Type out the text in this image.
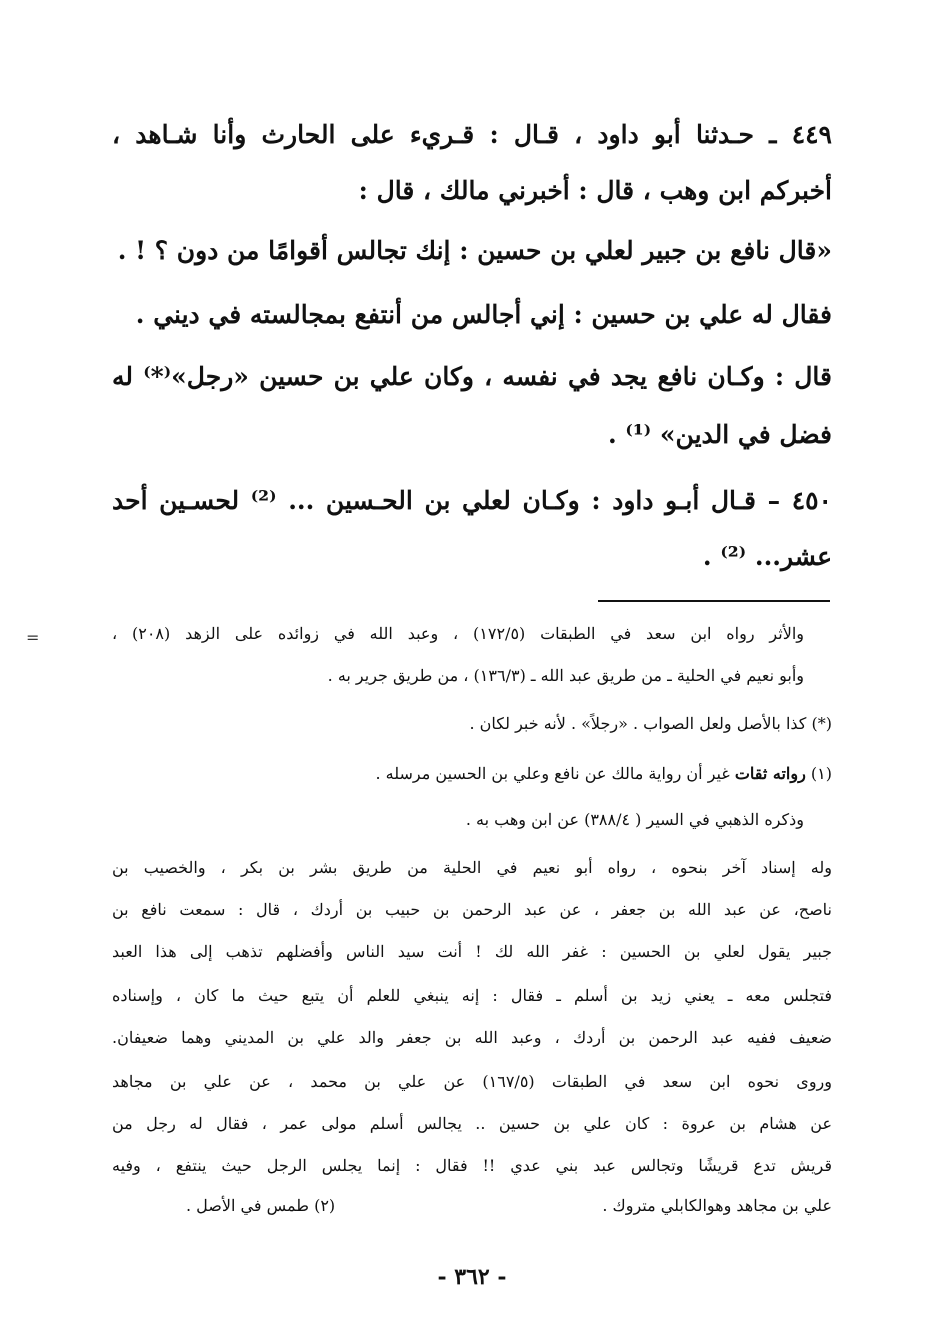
٤٤٩ ـ حـدثنا أبو داود ، قـال : قـريء على الحارث وأنا شـاهد ،
أخبركم ابن وهب ، قال : أخبرني مالك ، قال :
«قال نافع بن جبير لعلي بن حسين : إنك تجالس أقوامًا من دون ؟ ! .
فقال له علي بن حسين : إني أجالس من أنتفع بمجالسته في ديني .
قال : وكـان نافع يجد في نفسه ، وكان علي بن حسين «رجل»⁽*⁾ له
فضل في الدين» ⁽¹⁾ .
٤٥٠ – قـال أبـو داود : وكـان لعلي بن الحـسين ... ⁽²⁾ لحسـين أحد
عشر... ⁽²⁾ .
=	والأثر رواه ابن سعد في الطبقات (١٧٢/٥) ، وعبد الله في زوائده على الزهد (٢٠٨) ،
وأبو نعيم في الحلية ـ من طريق عبد الله ـ (١٣٦/٣) ، من طريق جرير به .
(*) كذا بالأصل ولعل الصواب . «رجلاً» . لأنه خبر لكان .
(١) رواته ثقات غير أن رواية مالك عن نافع وعلي بن الحسين مرسله .
وذكره الذهبي في السير ( ٣٨٨/٤) عن ابن وهب به .
وله إسناد آخر بنحوه ، رواه أبو نعيم في الحلية من طريق بشر بن بكر ، والخصيب بن
ناصح، عن عبد الله بن جعفر ، عن عبد الرحمن بن حبيب بن أردك ، قال : سمعت نافع بن
جبير يقول لعلي بن الحسين : غفر الله لك ! أنت سيد الناس وأفضلهم تذهب إلى هذا العبد
فتجلس معه ـ يعني زيد بن أسلم ـ فقال : إنه ينبغي للعلم أن يتبع حيث ما كان ، وإسناده
ضعيف ففيه عبد الرحمن بن أردك ، وعبد الله بن جعفر والد علي بن المديني وهما ضعيفان.
وروى نحوه ابن سعد في الطبقات (١٦٧/٥) عن علي بن محمد ، عن علي بن مجاهد
عن هشام بن عروة : كان علي بن حسين .. يجالس أسلم مولى عمر ، فقال له رجل من
قريش تدع قريشًا وتجالس عبد بني عدي !! فقال : إنما يجلس الرجل حيث ينتفع ، وفيه
علي بن مجاهد وهوالكابلي متروك .
(٢) طمس في الأصل .
- ٣٦٢ -
